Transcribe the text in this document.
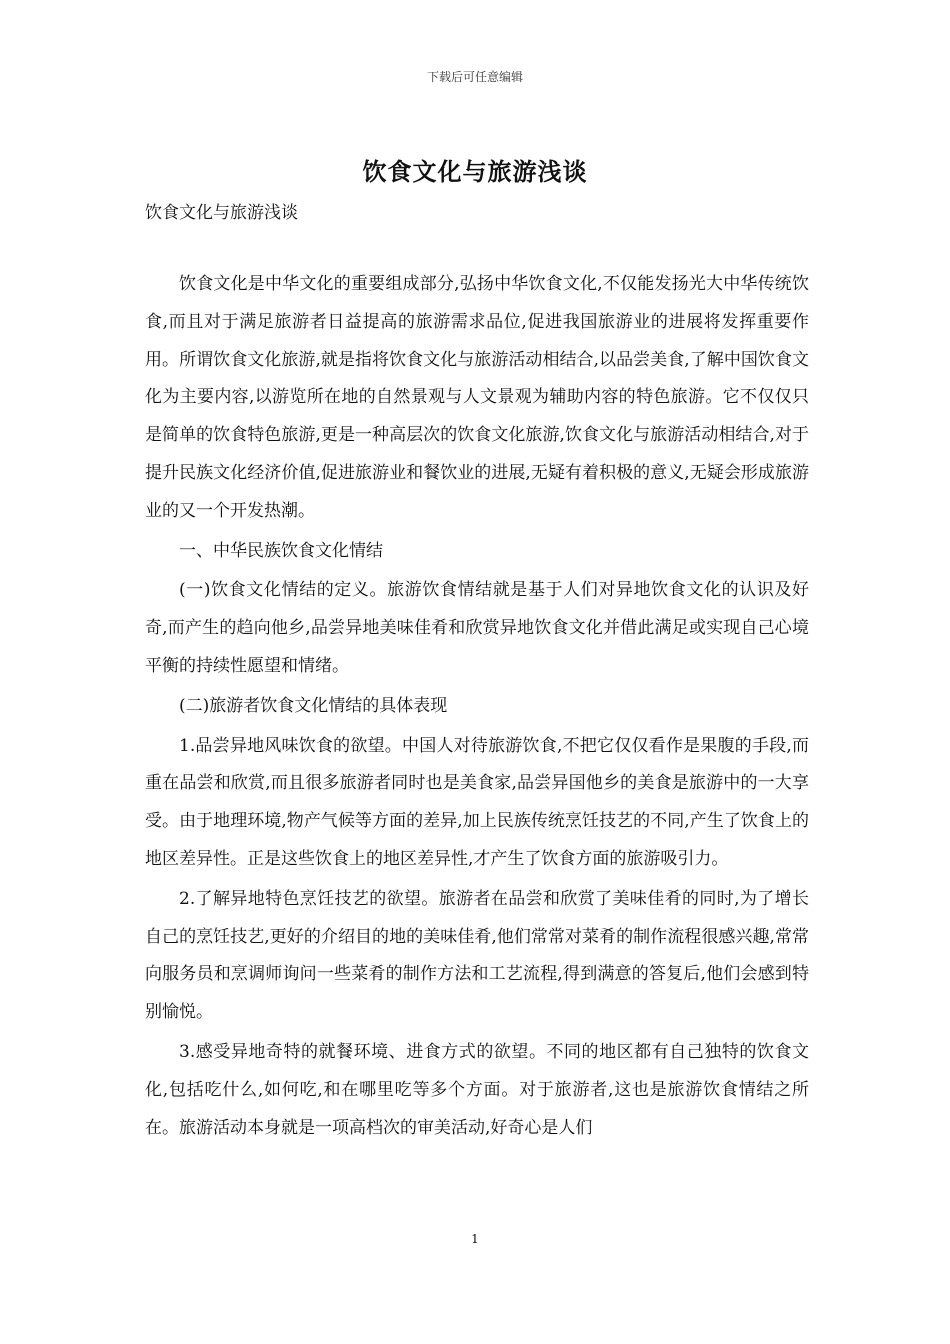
下载后可任意编辑
饮食文化与旅游浅谈

饮食文化与旅游浅谈

饮食文化是中华文化的重要组成部分,弘扬中华饮食文化,不仅能发扬光大中华传统饮食,而且对于满足旅游者日益提高的旅游需求品位,促进我国旅游业的进展将发挥重要作用。所谓饮食文化旅游,就是指将饮食文化与旅游活动相结合,以品尝美食,了解中国饮食文化为主要内容,以游览所在地的自然景观与人文景观为辅助内容的特色旅游。它不仅仅只是简单的饮食特色旅游,更是一种高层次的饮食文化旅游,饮食文化与旅游活动相结合,对于提升民族文化经济价值,促进旅游业和餐饮业的进展,无疑有着积极的意义,无疑会形成旅游业的又一个开发热潮。

一、中华民族饮食文化情结

(一)饮食文化情结的定义。旅游饮食情结就是基于人们对异地饮食文化的认识及好奇,而产生的趋向他乡,品尝异地美味佳肴和欣赏异地饮食文化并借此满足或实现自己心境平衡的持续性愿望和情绪。

(二)旅游者饮食文化情结的具体表现

1.品尝异地风味饮食的欲望。中国人对待旅游饮食,不把它仅仅看作是果腹的手段,而重在品尝和欣赏,而且很多旅游者同时也是美食家,品尝异国他乡的美食是旅游中的一大享受。由于地理环境,物产气候等方面的差异,加上民族传统烹饪技艺的不同,产生了饮食上的地区差异性。正是这些饮食上的地区差异性,才产生了饮食方面的旅游吸引力。

2.了解异地特色烹饪技艺的欲望。旅游者在品尝和欣赏了美味佳肴的同时,为了增长自己的烹饪技艺,更好的介绍目的地的美味佳肴,他们常常对菜肴的制作流程很感兴趣,常常向服务员和烹调师询问一些菜肴的制作方法和工艺流程,得到满意的答复后,他们会感到特别愉悦。

3.感受异地奇特的就餐环境、进食方式的欲望。不同的地区都有自己独特的饮食文化,包括吃什么,如何吃,和在哪里吃等多个方面。对于旅游者,这也是旅游饮食情结之所在。旅游活动本身就是一项高档次的审美活动,好奇心是人们

1
